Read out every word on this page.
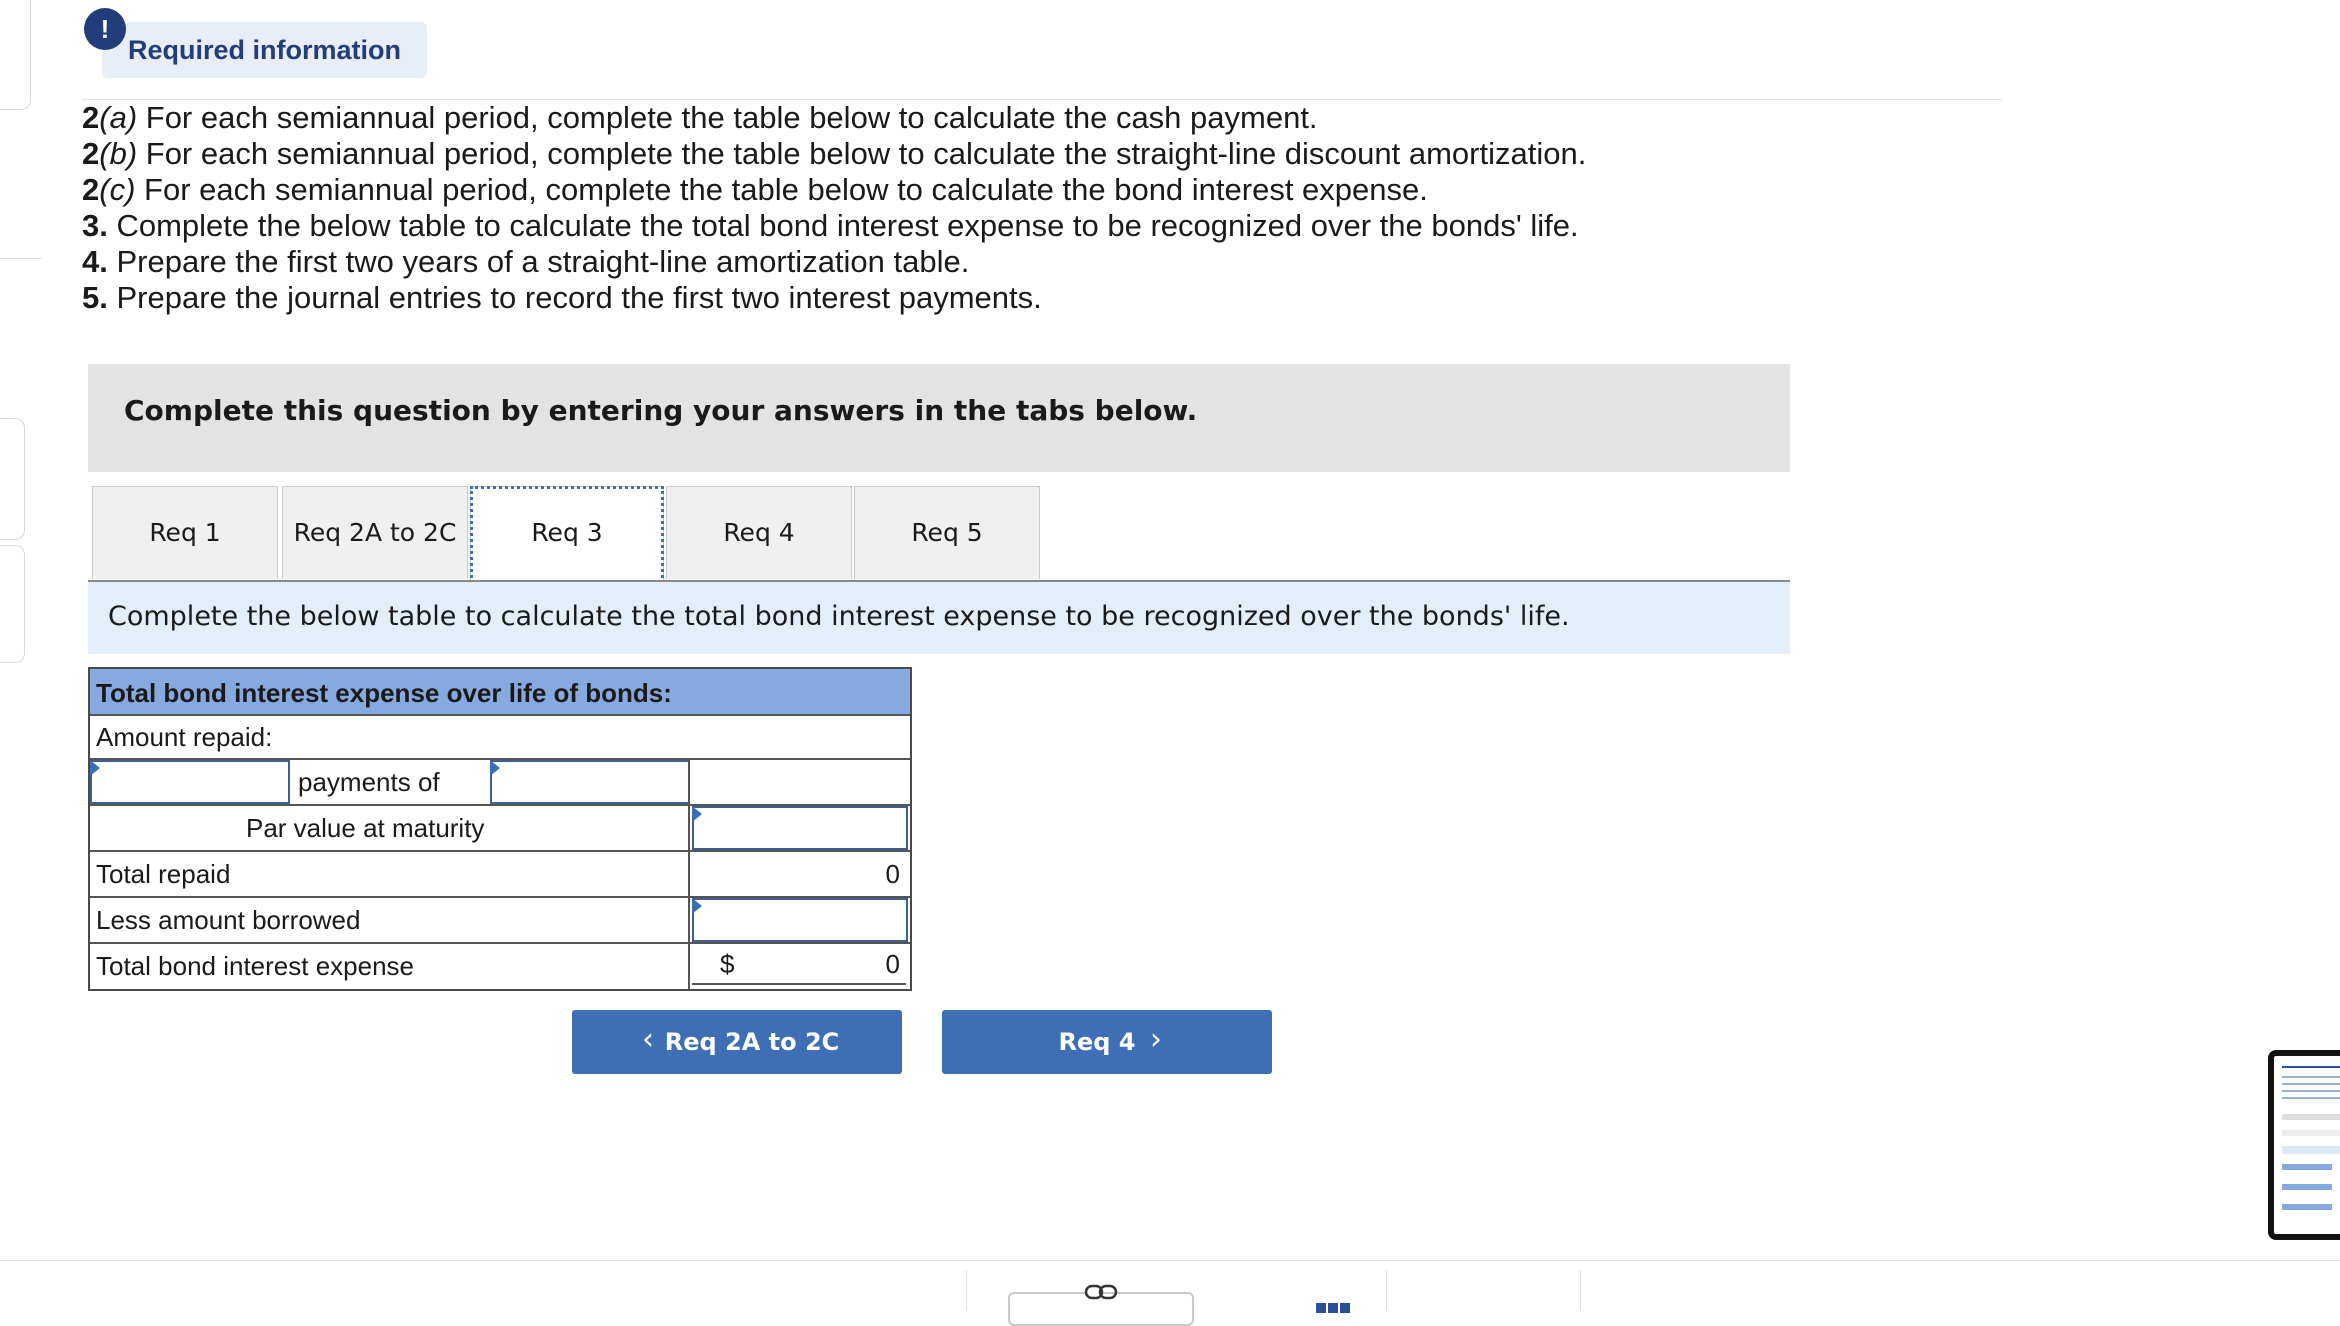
!
Required information
2(a) For each semiannual period, complete the table below to calculate the cash payment.
2(b) For each semiannual period, complete the table below to calculate the straight-line discount amortization.
2(c) For each semiannual period, complete the table below to calculate the bond interest expense.
3. Complete the below table to calculate the total bond interest expense to be recognized over the bonds' life.
4. Prepare the first two years of a straight-line amortization table.
5. Prepare the journal entries to record the first two interest payments.
Complete this question by entering your answers in the tabs below.
Req 1	Req 2A to 2C	Req 3	Req 4	Req 5
Complete the below table to calculate the total bond interest expense to be recognized over the bonds' life.
Total bond interest expense over life of bonds:
Amount repaid:
payments of
Par value at maturity
Total repaid	0
Less amount borrowed
Total bond interest expense	$	0
‹ Req 2A to 2C	Req 4 ›
